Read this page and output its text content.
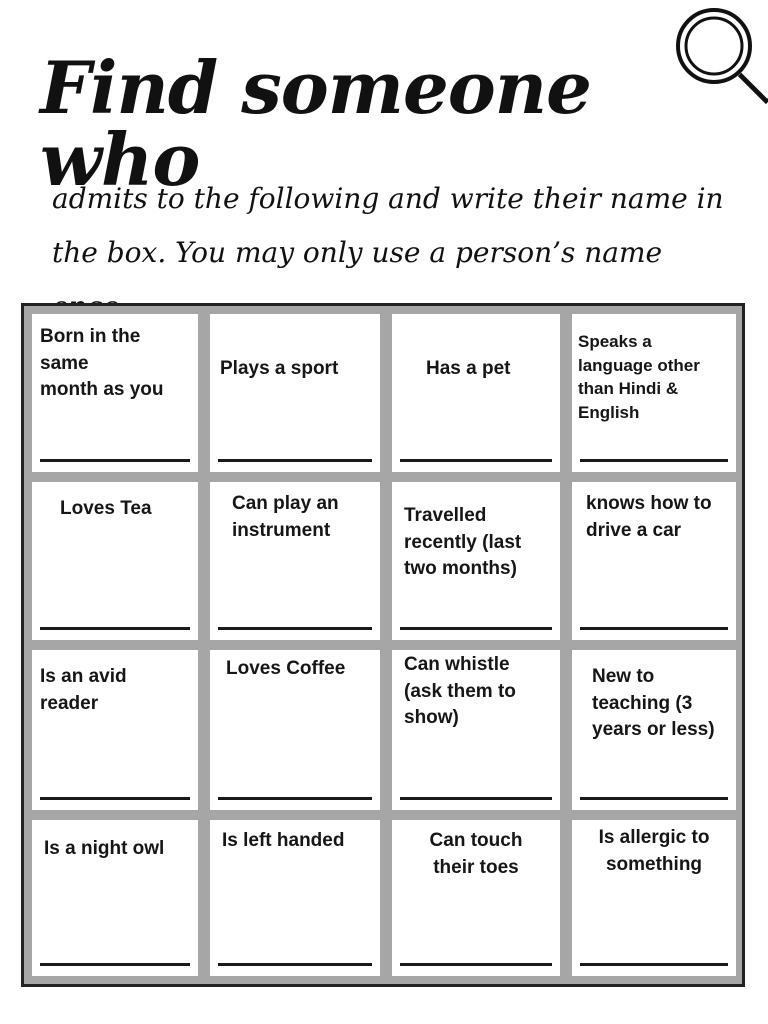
Find someone who
admits to the following and write their name in the box. You may only use a person’s name
Born in the
same
month as you
Plays a sport	Has a pet
Speaks a
language other
than Hindi &
English
Loves Tea	Can play an
instrument
Travelled
recently (last
two months)
knows how to
drive a car
Is an avid
reader
Loves Coffee	Can whistle
(ask them to
show)
New to
teaching (3
years or less)
Is a night owl	Is left handed	Can touch
their toes
Is allergic to
something
